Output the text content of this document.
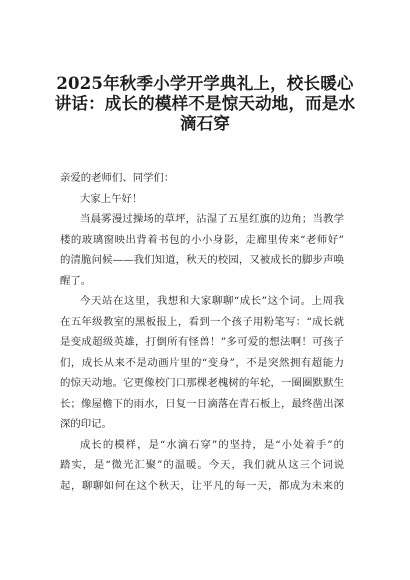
2025年秋季小学开学典礼上，校长暖心
讲话：成长的模样不是惊天动地，而是水
滴石穿

亲爱的老师们、同学们：

大家上午好！

当晨雾漫过操场的草坪，沾湿了五星红旗的边角；当教学
楼的玻璃窗映出背着书包的小小身影，走廊里传来“老师好”
的清脆问候——我们知道，秋天的校园，又被成长的脚步声唤
醒了。

今天站在这里，我想和大家聊聊“成长”这个词。上周我
在五年级教室的黑板报上，看到一个孩子用粉笔写：“成长就
是变成超级英雄，打倒所有怪兽！”多可爱的想法啊！可孩子
们，成长从来不是动画片里的“变身”，不是突然拥有超能力
的惊天动地。它更像校门口那棵老槐树的年轮，一圈圈默默生
长；像屋檐下的雨水，日复一日滴落在青石板上，最终凿出深
深的印记。

成长的模样，是“水滴石穿”的坚持，是“小处着手”的
踏实，是“微光汇聚”的温暖。今天，我们就从这三个词说
起，聊聊如何在这个秋天，让平凡的每一天，都成为未来的
